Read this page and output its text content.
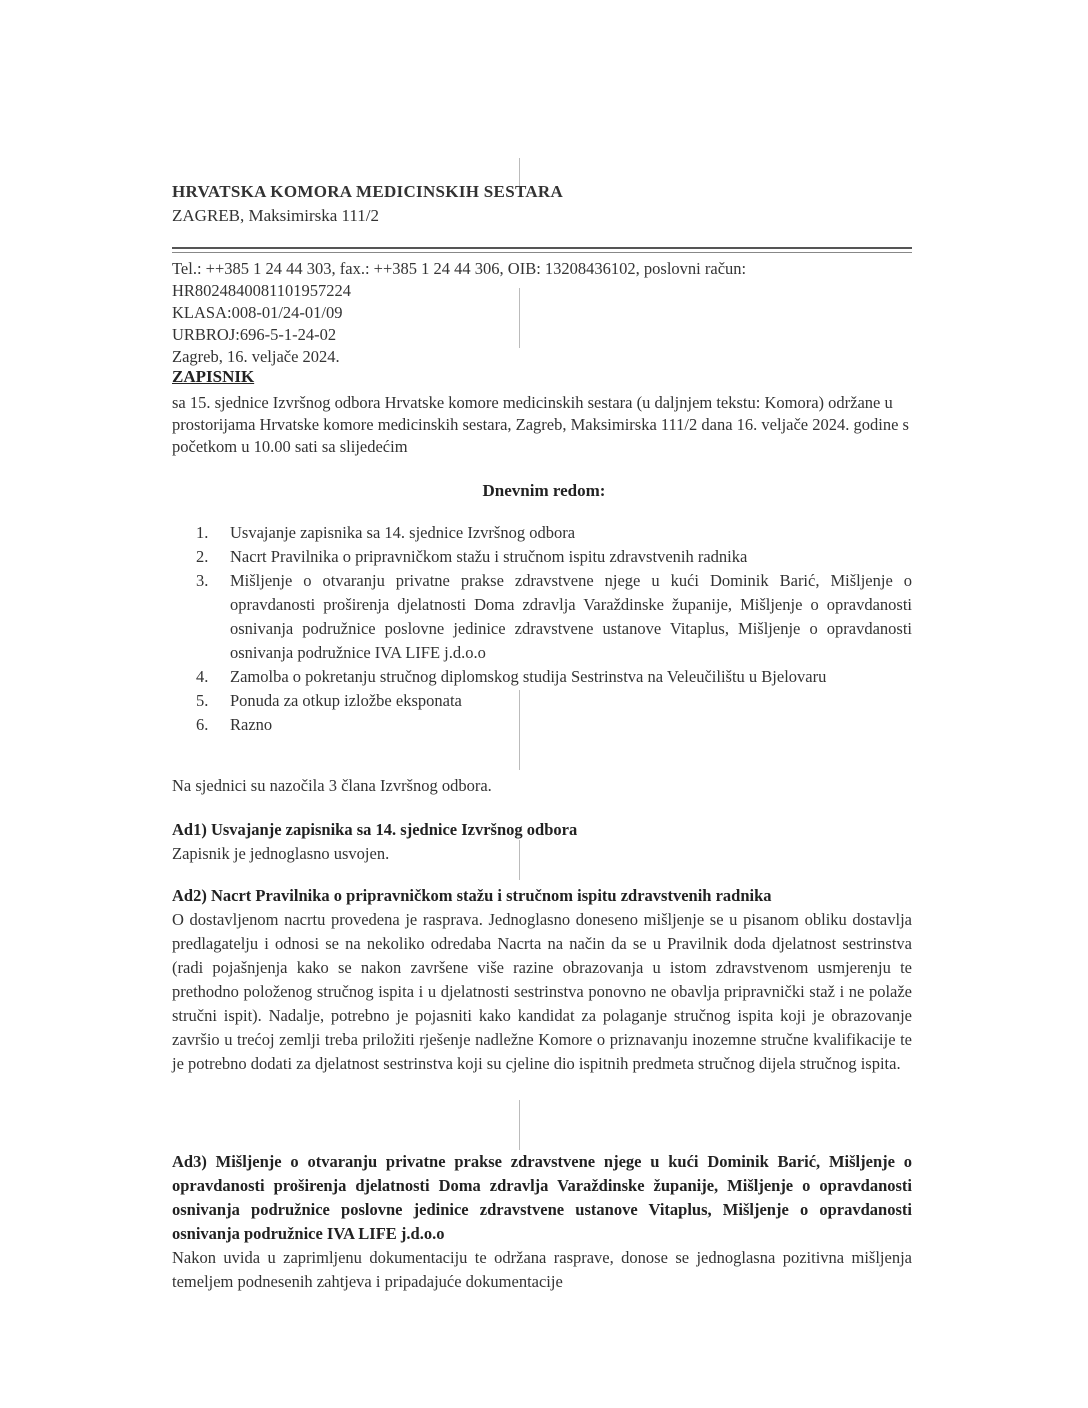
HRVATSKA KOMORA MEDICINSKIH SESTARA
ZAGREB, Maksimirska 111/2
Tel.: ++385 1 24 44 303, fax.: ++385 1 24 44 306, OIB: 13208436102, poslovni račun:
HR8024840081101957224
KLASA:008-01/24-01/09
URBROJ:696-5-1-24-02
Zagreb, 16. veljače 2024.
ZAPISNIK
sa 15. sjednice Izvršnog odbora Hrvatske komore medicinskih sestara (u daljnjem tekstu: Komora) održane u prostorijama Hrvatske komore medicinskih sestara, Zagreb, Maksimirska 111/2 dana 16. veljače 2024. godine s početkom u 10.00 sati sa slijedećim
Dnevnim redom:
1. Usvajanje zapisnika sa 14. sjednice Izvršnog odbora
2. Nacrt Pravilnika o pripravničkom stažu i stručnom ispitu zdravstvenih radnika
3. Mišljenje o otvaranju privatne prakse zdravstvene njege u kući Dominik Barić, Mišljenje o opravdanosti proširenja djelatnosti Doma zdravlja Varaždinske županije, Mišljenje o opravdanosti osnivanja podružnice poslovne jedinice zdravstvene ustanove Vitaplus, Mišljenje o opravdanosti osnivanja podružnice IVA LIFE j.d.o.o
4. Zamolba o pokretanju stručnog diplomskog studija Sestrinstva na Veleučilištu u Bjelovaru
5. Ponuda za otkup izložbe eksponata
6. Razno
Na sjednici su nazočila 3 člana Izvršnog odbora.
Ad1) Usvajanje zapisnika sa 14. sjednice Izvršnog odbora
Zapisnik je jednoglasno usvojen.
Ad2) Nacrt Pravilnika o pripravničkom stažu i stručnom ispitu zdravstvenih radnika
O dostavljenom nacrtu provedena je rasprava. Jednoglasno doneseno mišljenje se u pisanom obliku dostavlja predlagatelju i odnosi se na nekoliko odredaba Nacrta na način da se u Pravilnik doda djelatnost sestrinstva (radi pojašnjenja kako se nakon završene više razine obrazovanja u istom zdravstvenom usmjerenju te prethodno položenog stručnog ispita i u djelatnosti sestrinstva ponovno ne obavlja pripravnički staž i ne polaže stručni ispit). Nadalje, potrebno je pojasniti kako kandidat za polaganje stručnog ispita koji je obrazovanje završio u trećoj zemlji treba priložiti rješenje nadležne Komore o priznavanju inozemne stručne kvalifikacije te je potrebno dodati za djelatnost sestrinstva koji su cjeline dio ispitnih predmeta stručnog dijela stručnog ispita.
Ad3) Mišljenje o otvaranju privatne prakse zdravstvene njege u kući Dominik Barić, Mišljenje o opravdanosti proširenja djelatnosti Doma zdravlja Varaždinske županije, Mišljenje o opravdanosti osnivanja podružnice poslovne jedinice zdravstvene ustanove Vitaplus, Mišljenje o opravdanosti osnivanja podružnice IVA LIFE j.d.o.o
Nakon uvida u zaprimljenu dokumentaciju te održana rasprave, donose se jednoglasna pozitivna mišljenja temeljem podnesenih zahtjeva i pripadajuće dokumentacije
